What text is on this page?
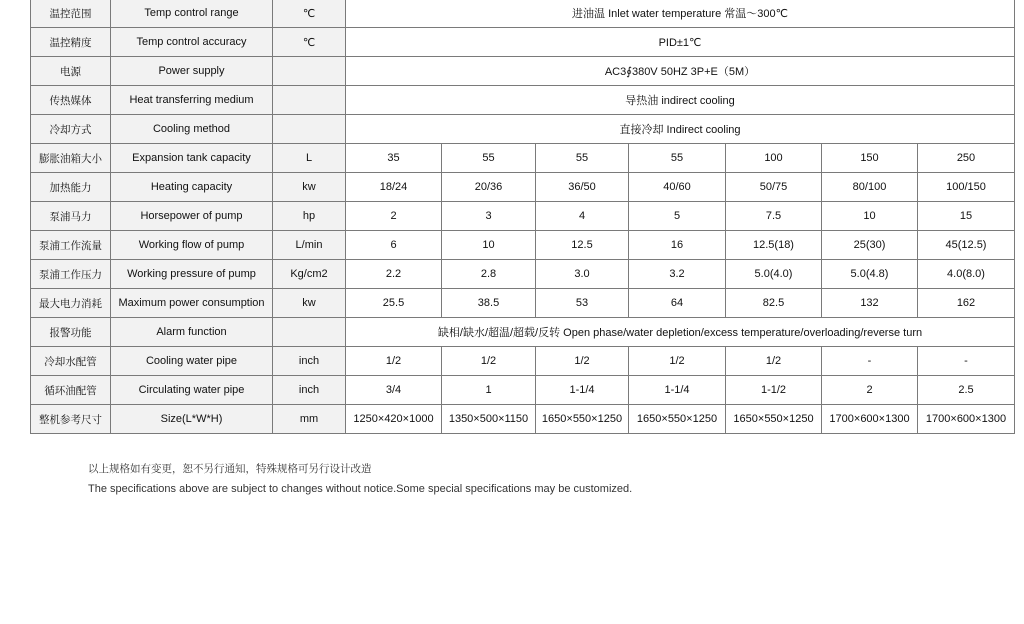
温控范围	Temp control range	℃	进油温 Inlet water temperature 常温～300℃						
温控精度	Temp control accuracy	℃	PID±1℃						
电源	Power supply		AC3∮380V 50HZ 3P+E（5M）						
传热媒体	Heat transferring medium		导热油 indirect cooling						
冷却方式	Cooling method		直接冷却 Indirect cooling						
膨胀油箱大小	Expansion tank capacity	L	35	55	55	55	100	150	250
加热能力	Heating capacity	kw	18/24	20/36	36/50	40/60	50/75	80/100	100/150
泵浦马力	Horsepower of pump	hp	2	3	4	5	7.5	10	15
泵浦工作流量	Working flow of pump	L/min	6	10	12.5	16	12.5(18)	25(30)	45(12.5)
泵浦工作压力	Working pressure of pump	Kg/cm2	2.2	2.8	3.0	3.2	5.0(4.0)	5.0(4.8)	4.0(8.0)
最大电力消耗	Maximum power consumption	kw	25.5	38.5	53	64	82.5	132	162
报警功能	Alarm function		缺相/缺水/超温/超载/反转 Open phase/water depletion/excess temperature/overloading/reverse turn						
冷却水配管	Cooling water pipe	inch	1/2	1/2	1/2	1/2	1/2	-	-
循环油配管	Circulating water pipe	inch	3/4	1	1-1/4	1-1/4	1-1/2	2	2.5
整机参考尺寸	Size(L*W*H)	mm	1250×420×1000	1350×500×1150	1650×550×1250	1650×550×1250	1650×550×1250	1700×600×1300	1700×600×1300
以上规格如有变更，恕不另行通知，特殊规格可另行设计改造
The specifications above are subject to changes without notice.Some special specifications may be customized.
